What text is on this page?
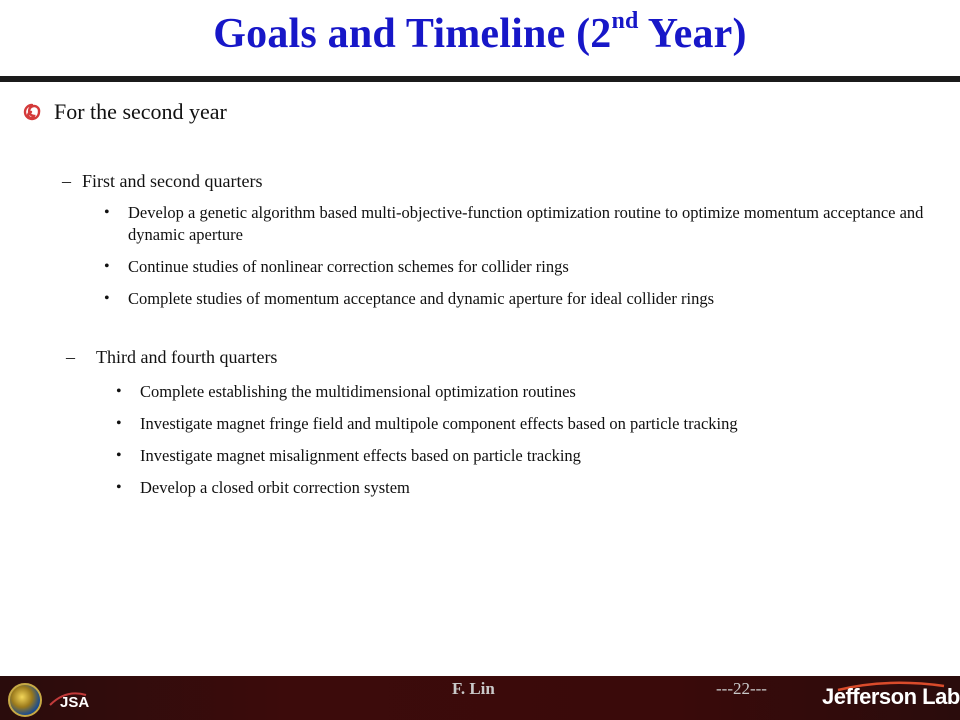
Goals and Timeline (2nd Year)
For the second year
– First and second quarters
• Develop a genetic algorithm based multi-objective-function optimization routine to optimize momentum acceptance and dynamic aperture
• Continue studies of nonlinear correction schemes for collider rings
• Complete studies of momentum acceptance and dynamic aperture for ideal collider rings
– Third and fourth quarters
• Complete establishing the multidimensional optimization routines
• Investigate magnet fringe field and multipole component effects based on particle tracking
• Investigate magnet misalignment effects based on particle tracking
• Develop a closed orbit correction system
JSA
F. Lin	---22---	Jefferson Lab
